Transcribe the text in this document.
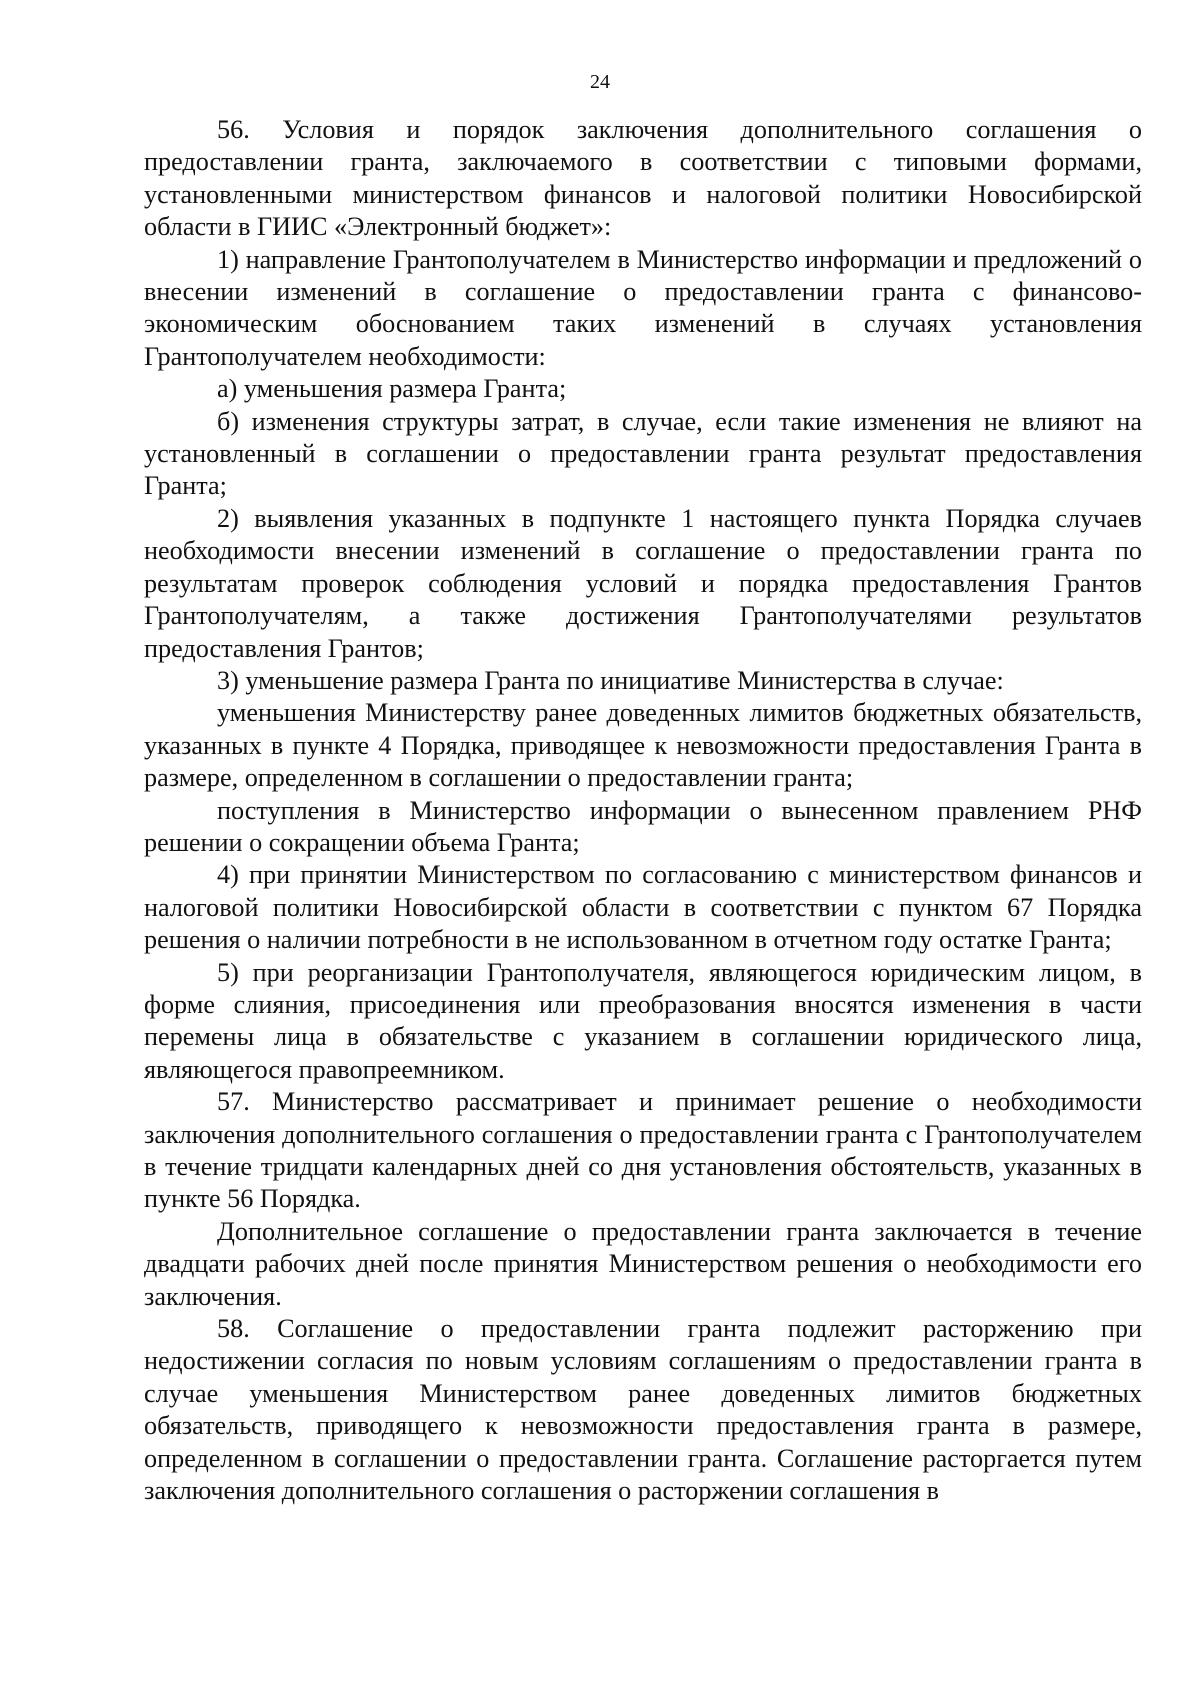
24

56. Условия и порядок заключения дополнительного соглашения о предоставлении гранта, заключаемого в соответствии с типовыми формами, установленными министерством финансов и налоговой политики Новосибирской области в ГИИС «Электронный бюджет»:

1) направление Грантополучателем в Министерство информации и предложений о внесении изменений в соглашение о предоставлении гранта с финансово-экономическим обоснованием таких изменений в случаях установления Грантополучателем необходимости:

а) уменьшения размера Гранта;

б) изменения структуры затрат, в случае, если такие изменения не влияют на установленный в соглашении о предоставлении гранта результат предоставления Гранта;

2) выявления указанных в подпункте 1 настоящего пункта Порядка случаев необходимости внесении изменений в соглашение о предоставлении гранта по результатам проверок соблюдения условий и порядка предоставления Грантов Грантополучателям, а также достижения Грантополучателями результатов предоставления Грантов;

3) уменьшение размера Гранта по инициативе Министерства в случае:

уменьшения Министерству ранее доведенных лимитов бюджетных обязательств, указанных в пункте 4 Порядка, приводящее к невозможности предоставления Гранта в размере, определенном в соглашении о предоставлении гранта;

поступления в Министерство информации о вынесенном правлением РНФ решении о сокращении объема Гранта;

4) при принятии Министерством по согласованию с министерством финансов и налоговой политики Новосибирской области в соответствии с пунктом 67 Порядка решения о наличии потребности в не использованном в отчетном году остатке Гранта;

5) при реорганизации Грантополучателя, являющегося юридическим лицом, в форме слияния, присоединения или преобразования вносятся изменения в части перемены лица в обязательстве с указанием в соглашении юридического лица, являющегося правопреемником.

57. Министерство рассматривает и принимает решение о необходимости заключения дополнительного соглашения о предоставлении гранта с Грантополучателем в течение тридцати календарных дней со дня установления обстоятельств, указанных в пункте 56 Порядка.

Дополнительное соглашение о предоставлении гранта заключается в течение двадцати рабочих дней после принятия Министерством решения о необходимости его заключения.

58. Соглашение о предоставлении гранта подлежит расторжению при недостижении согласия по новым условиям соглашениям о предоставлении гранта в случае уменьшения Министерством ранее доведенных лимитов бюджетных обязательств, приводящего к невозможности предоставления гранта в размере, определенном в соглашении о предоставлении гранта. Соглашение расторгается путем заключения дополнительного соглашения о расторжении соглашения в
